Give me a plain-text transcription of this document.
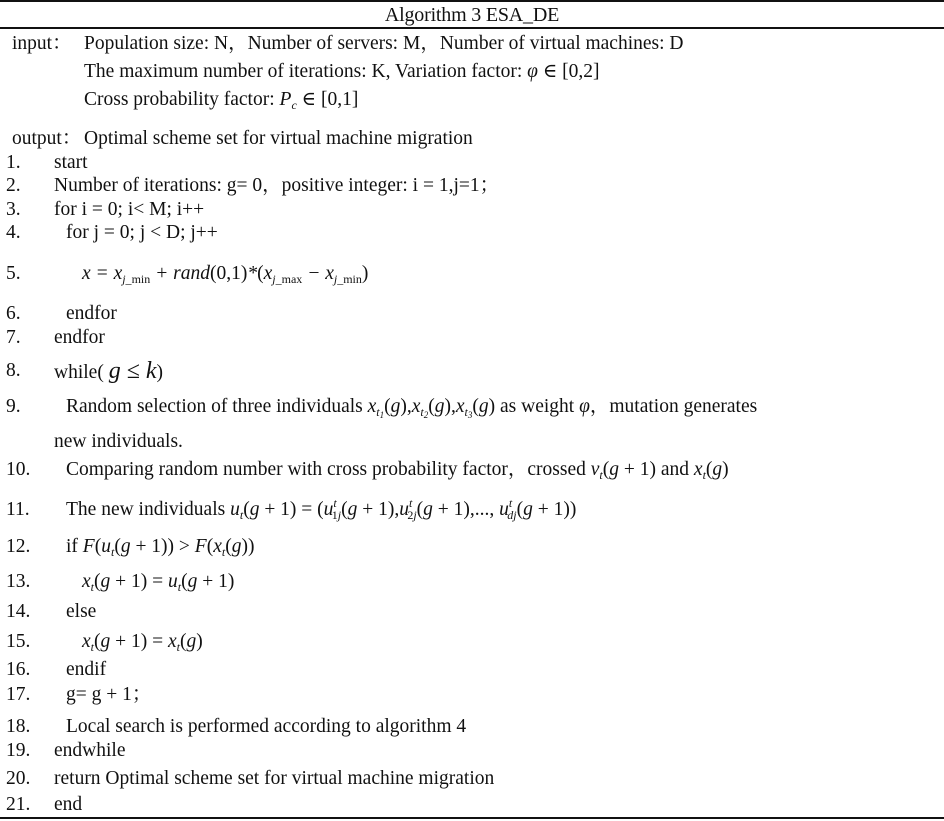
Algorithm 3 ESA_DE
input： Population size: N，Number of servers: M，Number of virtual machines: D
The maximum number of iterations: K, Variation factor: φ ∈ [0,2]
Cross probability factor: $P_c$ ∈ [0,1]
output： Optimal scheme set for virtual machine migration
1. start
2. Number of iterations: g= 0，positive integer: i = 1,j=1；
3. for i = 0; i< M; i++
4. for j = 0; j < D; j++
5.	$x = x_{j\_min}$ + $rand(0,1)*(x_{j\_max} - x_{j\_min})$
6. endfor
7. endfor
8. while( g ≤ k)
9. Random selection of three individuals $x_{t_1}(g),x_{t_2}(g),x_{t_3}(g)$ as weight φ，mutation generates
new individuals.
10. Comparing random number with cross probability factor，crossed $v_t(g + 1)$ and $x_t(g)$
11. The new individuals $u_t(g + 1) = (u^t_{1j}(g + 1),u^t_{2j}(g + 1)$,..., $u^t_{dj}(g + 1)$)
12. if $F(u_t(g + 1)) > F(x_t(g))$
13.	$x_t(g + 1) = u_t(g + 1)$
14. else
15.	$x_t(g + 1) = x_t(g)$
16. endif
17. g= g + 1；
18. Local search is performed according to algorithm 4
19. endwhile
20. return Optimal scheme set for virtual machine migration
21. end
